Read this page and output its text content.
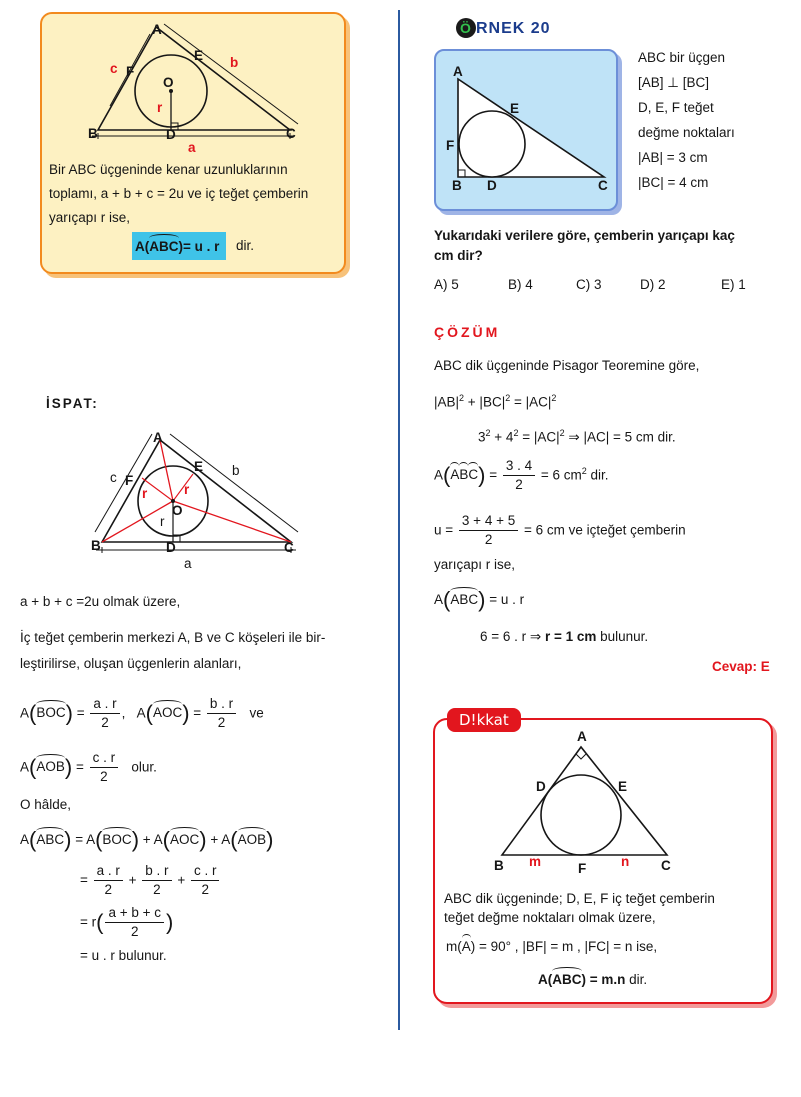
A
B	C
D
E
F
O
a
b
c
r
Bir ABC üçgeninde kenar uzunluklarının
toplamı, a + b + c = 2u ve iç teğet çemberin
yarıçapı r ise,
A(ABC)= u . r dir.
İSPAT:
A
B	C
D
E
F
O
a
b
c
r	r
r
a + b + c =2u olmak üzere,
İç teğet çemberin merkezi A, B ve C köşeleri ile bir-
leştirilirse, oluşan üçgenlerin alanları,
$A(BOC) = \frac{a . r}{2}$ ,   $A(AOC) = \frac{b . r}{2}$ ve
$A(AOB) = \frac{c . r}{2}$ olur.
O hâlde,
A(ABC) = A(BOC) + A(AOC) + A(AOB)
= $\frac{a . r}{2} + \frac{b . r}{2} + \frac{c . r}{2}$
= $r( \frac{a + b + c}{2}$ )
= u . r bulunur.
Ö RNEK 20
A
B	C
D
E
F
ABC bir üçgen
[AB] ⊥ [BC]
D, E, F teğet
değme noktaları
|AB| = 3 cm
|BC| = 4 cm
Yukarıdaki verilere göre, çemberin yarıçapı kaç
cm dir?
A) 5	B) 4	C) 3	D) 2	E) 1
ÇÖZÜM
ABC dik üçgeninde Pisagor Teoremine göre,
$|AB|^2 + |BC|^2 = |AC|^2$
$3^2 + 4^2 = |AC|^2$ ⇒ |AC| = 5 cm dir.
$A(ABC) = \frac{3 . 4}{2} = 6$ $cm^2$ dir.
$u = \frac{3 + 4 + 5}{2} = 6$ cm ve içteğet çemberin
yarıçapı r ise,
A(ABC) = u . r
6 = 6 . r ⇒ r = 1 cm bulunur.
Cevap: E
D!kkat
A
B	C
D	E
F
m	n
ABC dik üçgeninde; D, E, F iç teğet çemberin
teğet değme noktaları olmak üzere,
m(A) = 90° , |BF| = m , |FC| = n ise,
A(ABC) = m.n dir.
